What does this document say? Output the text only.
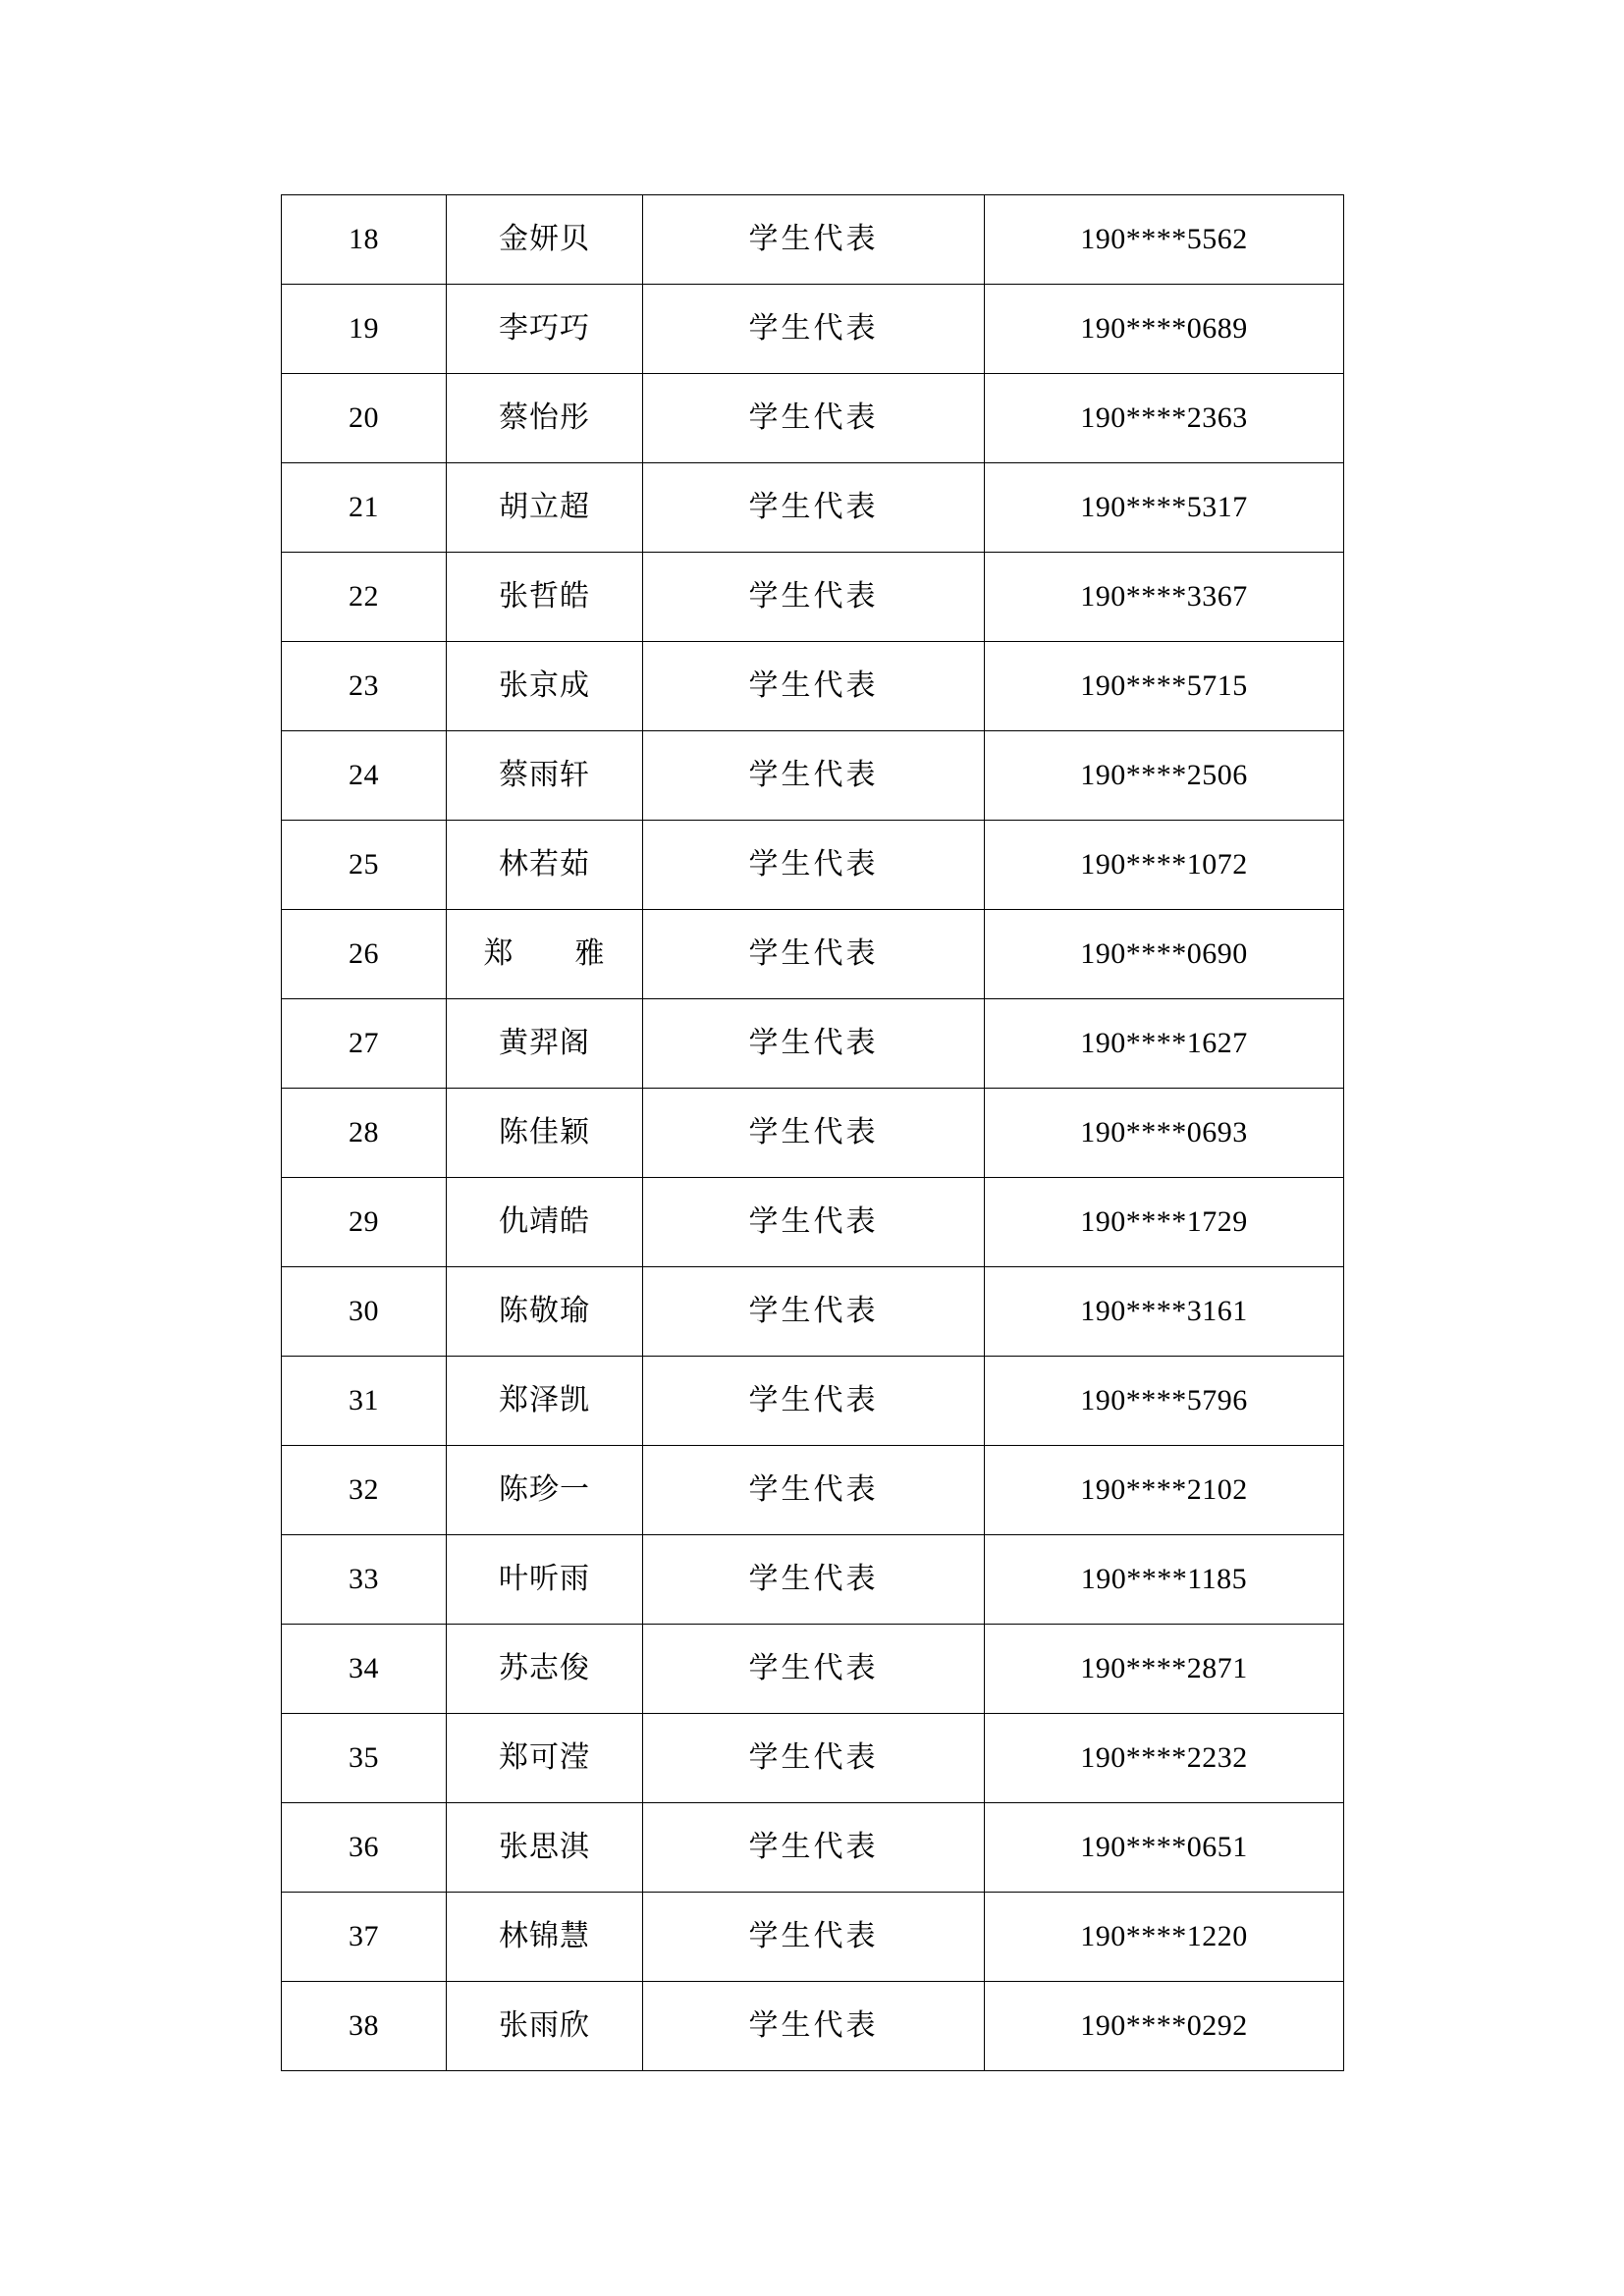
18	金妍贝	学生代表	190****5562
19	李巧巧	学生代表	190****0689
20	蔡怡彤	学生代表	190****2363
21	胡立超	学生代表	190****5317
22	张哲皓	学生代表	190****3367
23	张京成	学生代表	190****5715
24	蔡雨轩	学生代表	190****2506
25	林若茹	学生代表	190****1072
26	郑　　雅	学生代表	190****0690
27	黄羿阁	学生代表	190****1627
28	陈佳颖	学生代表	190****0693
29	仇靖皓	学生代表	190****1729
30	陈敬瑜	学生代表	190****3161
31	郑泽凯	学生代表	190****5796
32	陈珍一	学生代表	190****2102
33	叶听雨	学生代表	190****1185
34	苏志俊	学生代表	190****2871
35	郑可滢	学生代表	190****2232
36	张思淇	学生代表	190****0651
37	林锦慧	学生代表	190****1220
38	张雨欣	学生代表	190****0292
